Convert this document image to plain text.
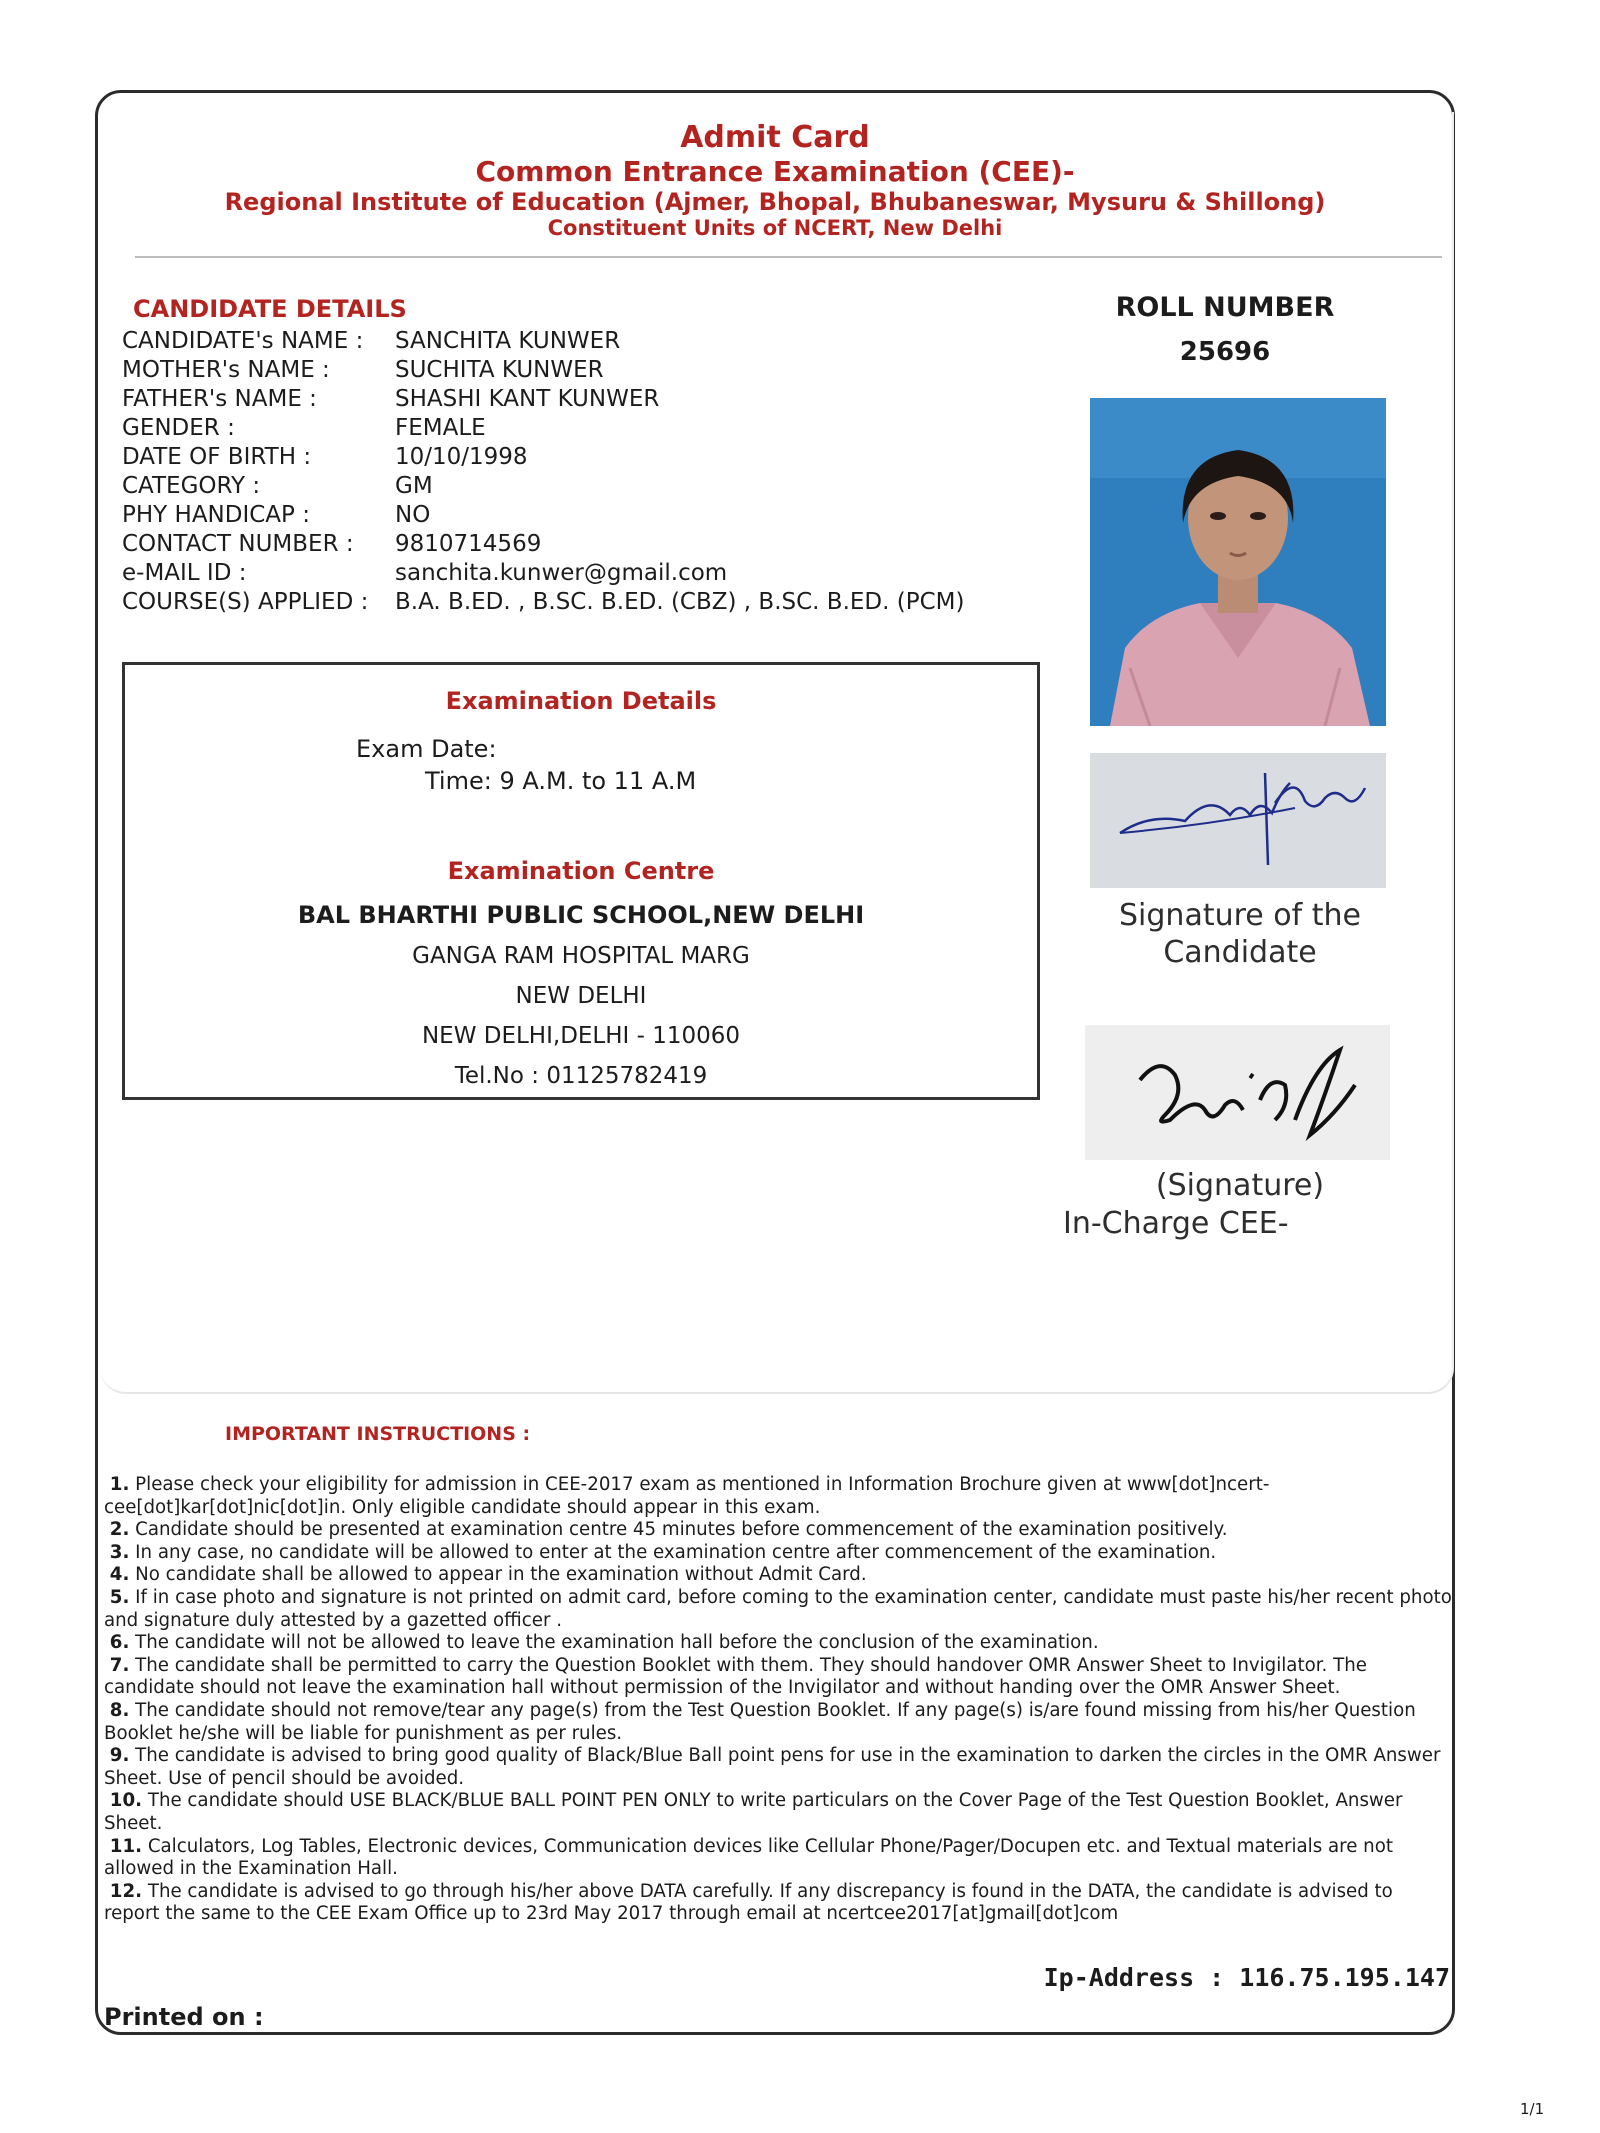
Admit Card
Common Entrance Examination (CEE)-
Regional Institute of Education (Ajmer, Bhopal, Bhubaneswar, Mysuru & Shillong)
Constituent Units of NCERT, New Delhi
CANDIDATE DETAILS
CANDIDATE's NAME : SANCHITA KUNWER
MOTHER's NAME :	SUCHITA KUNWER
FATHER's NAME :	SHASHI KANT KUNWER
GENDER :	FEMALE
DATE OF BIRTH :	10/10/1998
CATEGORY :	GM
PHY HANDICAP :	NO
CONTACT NUMBER : 9810714569
e-MAIL ID :	sanchita.kunwer@gmail.com
COURSE(S) APPLIED : B.A. B.ED. , B.SC. B.ED. (CBZ) , B.SC. B.ED. (PCM)
ROLL NUMBER
25696
Signature of the
Candidate
(Signature)
In-Charge CEE-
Examination Details
Exam Date:
Time: 9 A.M. to 11 A.M
Examination Centre
BAL BHARTHI PUBLIC SCHOOL,NEW DELHI
GANGA RAM HOSPITAL MARG
NEW DELHI
NEW DELHI,DELHI - 110060
Tel.No : 01125782419
IMPORTANT INSTRUCTIONS :

1. Please check your eligibility for admission in CEE-2017 exam as mentioned in Information Brochure given at www[dot]ncert-cee[dot]kar[dot]nic[dot]in. Only eligible candidate should appear in this exam.

2. Candidate should be presented at examination centre 45 minutes before commencement of the examination positively.

3. In any case, no candidate will be allowed to enter at the examination centre after commencement of the examination.

4. No candidate shall be allowed to appear in the examination without Admit Card.

5. If in case photo and signature is not printed on admit card, before coming to the examination center, candidate must paste his/her recent photo and signature duly attested by a gazetted officer .

6. The candidate will not be allowed to leave the examination hall before the conclusion of the examination.

7. The candidate shall be permitted to carry the Question Booklet with them. They should handover OMR Answer Sheet to Invigilator. The candidate should not leave the examination hall without permission of the Invigilator and without handing over the OMR Answer Sheet.

8. The candidate should not remove/tear any page(s) from the Test Question Booklet. If any page(s) is/are found missing from his/her Question Booklet he/she will be liable for punishment as per rules.

9. The candidate is advised to bring good quality of Black/Blue Ball point pens for use in the examination to darken the circles in the OMR Answer Sheet. Use of pencil should be avoided.

10. The candidate should USE BLACK/BLUE BALL POINT PEN ONLY to write particulars on the Cover Page of the Test Question Booklet, Answer Sheet.

11. Calculators, Log Tables, Electronic devices, Communication devices like Cellular Phone/Pager/Docupen etc. and Textual materials are not allowed in the Examination Hall.

12. The candidate is advised to go through his/her above DATA carefully. If any discrepancy is found in the DATA, the candidate is advised to report the same to the CEE Exam Office up to 23rd May 2017 through email at ncertcee2017[at]gmail[dot]com

Ip-Address : 116.75.195.147
Printed on :
1/1
